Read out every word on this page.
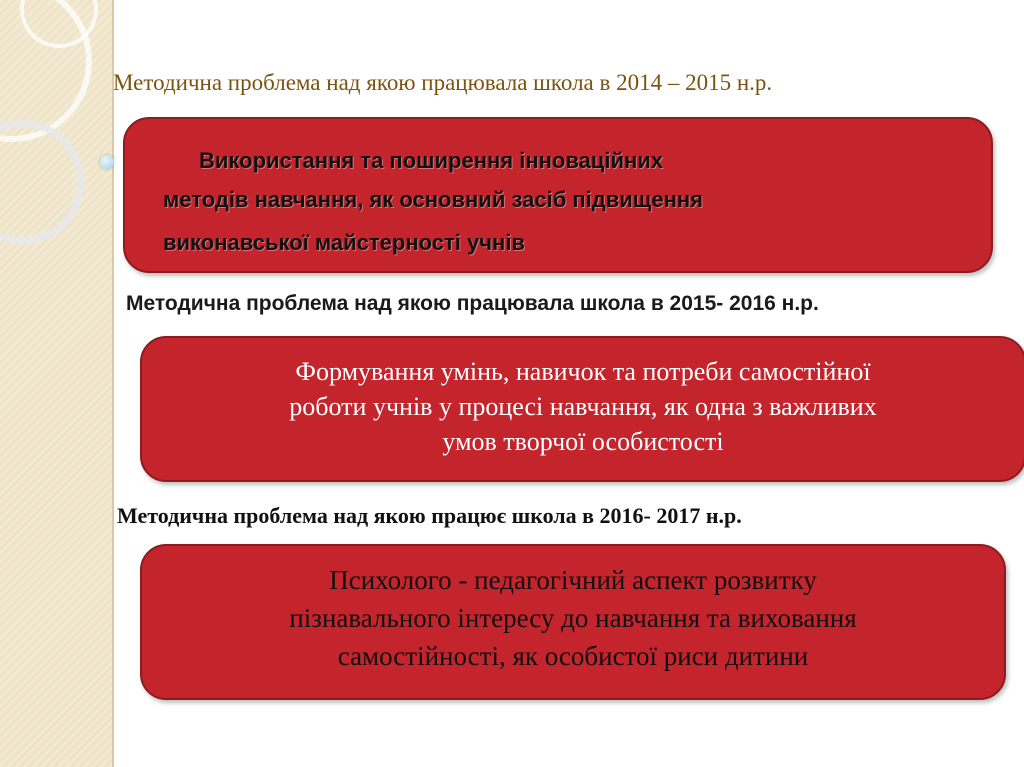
Методична проблема над якою працювала школа в 2014 – 2015 н.р.
Використання та поширення інноваційних
методів навчання, як основний засіб підвищення
виконавської майстерності учнів
Методична проблема над якою працювала школа в 2015- 2016 н.р.
Формування умінь, навичок та потреби самостійної
роботи учнів у процесі навчання, як одна з важливих
умов творчої особистості
Методична проблема над якою працює школа в 2016- 2017 н.р.
Психолого - педагогічний аспект розвитку
пізнавального інтересу до навчання та виховання
самостійності, як особистої риси дитини
